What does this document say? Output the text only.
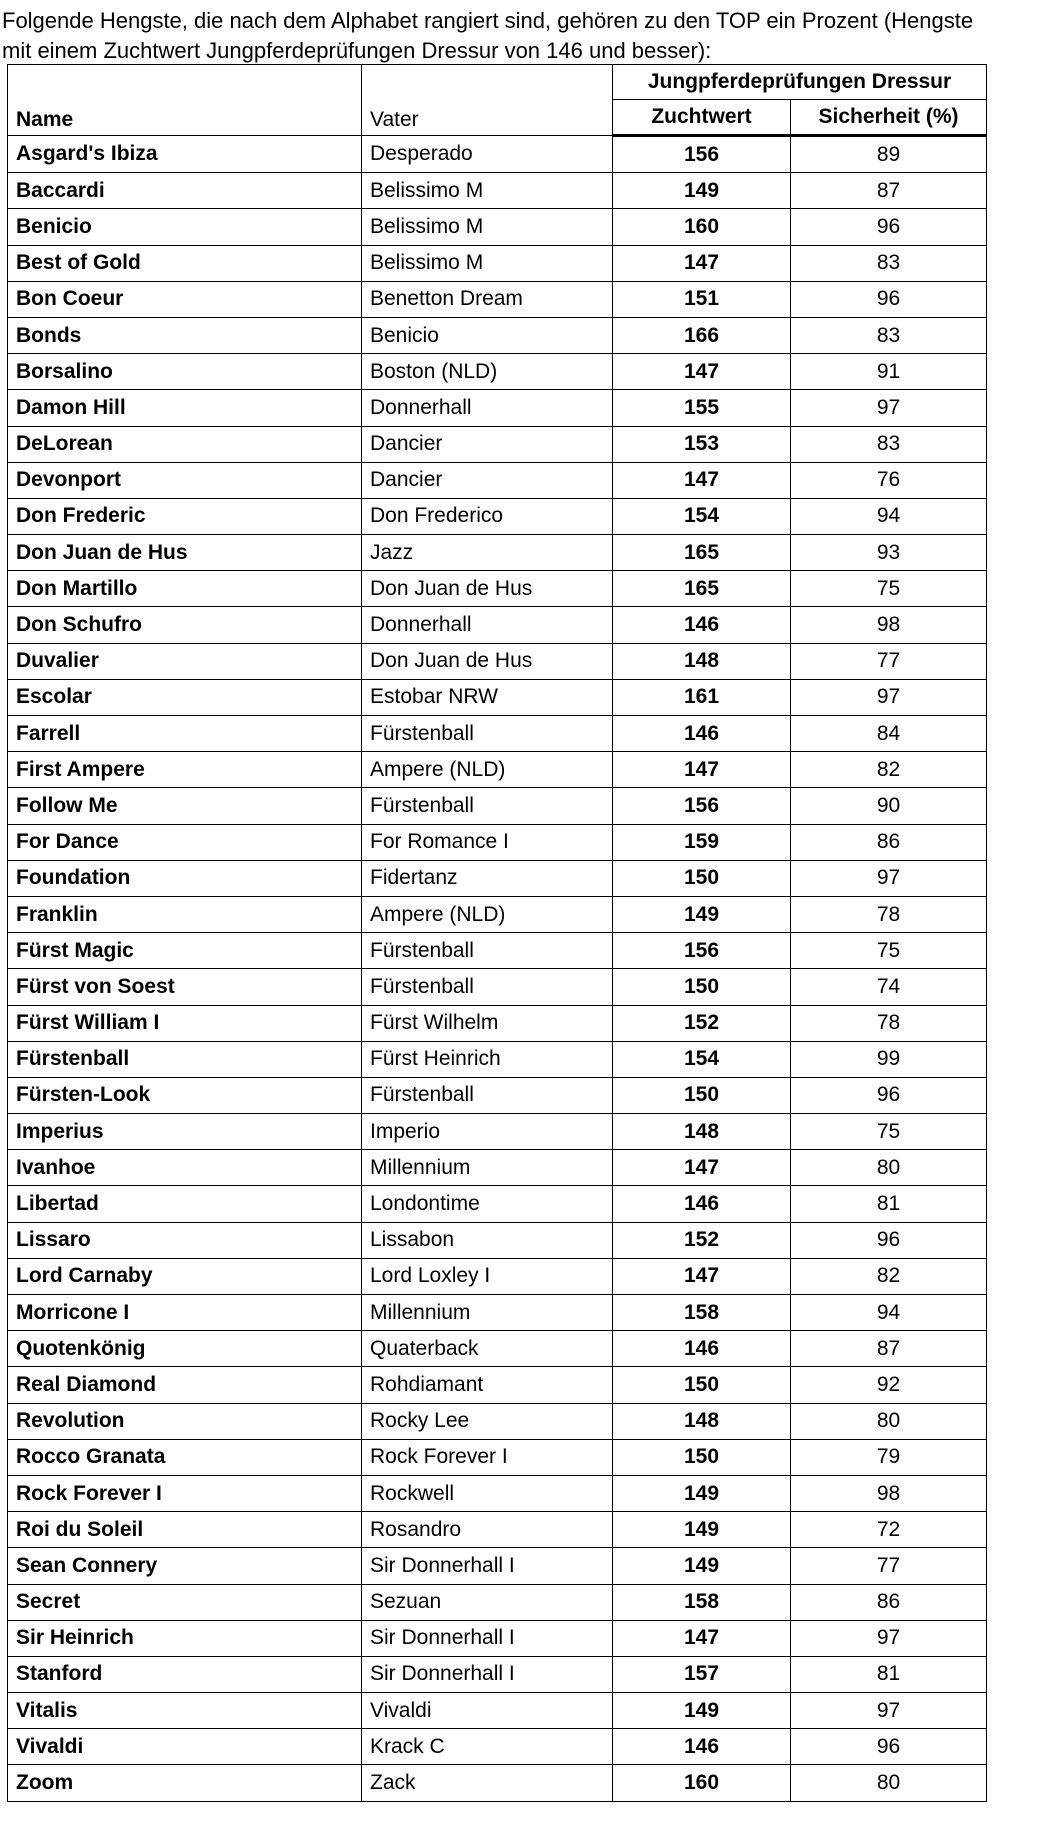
Folgende Hengste, die nach dem Alphabet rangiert sind, gehören zu den TOP ein Prozent (Hengste
mit einem Zuchtwert Jungpferdeprüfungen Dressur von 146 und besser):

Name	Vater	Jungpferdeprüfungen Dressur	
		Zuchtwert	Sicherheit (%)
Asgard's Ibiza	Desperado	156	89
Baccardi	Belissimo M	149	87
Benicio	Belissimo M	160	96
Best of Gold	Belissimo M	147	83
Bon Coeur	Benetton Dream	151	96
Bonds	Benicio	166	83
Borsalino	Boston (NLD)	147	91
Damon Hill	Donnerhall	155	97
DeLorean	Dancier	153	83
Devonport	Dancier	147	76
Don Frederic	Don Frederico	154	94
Don Juan de Hus	Jazz	165	93
Don Martillo	Don Juan de Hus	165	75
Don Schufro	Donnerhall	146	98
Duvalier	Don Juan de Hus	148	77
Escolar	Estobar NRW	161	97
Farrell	Fürstenball	146	84
First Ampere	Ampere (NLD)	147	82
Follow Me	Fürstenball	156	90
For Dance	For Romance I	159	86
Foundation	Fidertanz	150	97
Franklin	Ampere (NLD)	149	78
Fürst Magic	Fürstenball	156	75
Fürst von Soest	Fürstenball	150	74
Fürst William I	Fürst Wilhelm	152	78
Fürstenball	Fürst Heinrich	154	99
Fürsten-Look	Fürstenball	150	96
Imperius	Imperio	148	75
Ivanhoe	Millennium	147	80
Libertad	Londontime	146	81
Lissaro	Lissabon	152	96
Lord Carnaby	Lord Loxley I	147	82
Morricone I	Millennium	158	94
Quotenkönig	Quaterback	146	87
Real Diamond	Rohdiamant	150	92
Revolution	Rocky Lee	148	80
Rocco Granata	Rock Forever I	150	79
Rock Forever I	Rockwell	149	98
Roi du Soleil	Rosandro	149	72
Sean Connery	Sir Donnerhall I	149	77
Secret	Sezuan	158	86
Sir Heinrich	Sir Donnerhall I	147	97
Stanford	Sir Donnerhall I	157	81
Vitalis	Vivaldi	149	97
Vivaldi	Krack C	146	96
Zoom	Zack	160	80
